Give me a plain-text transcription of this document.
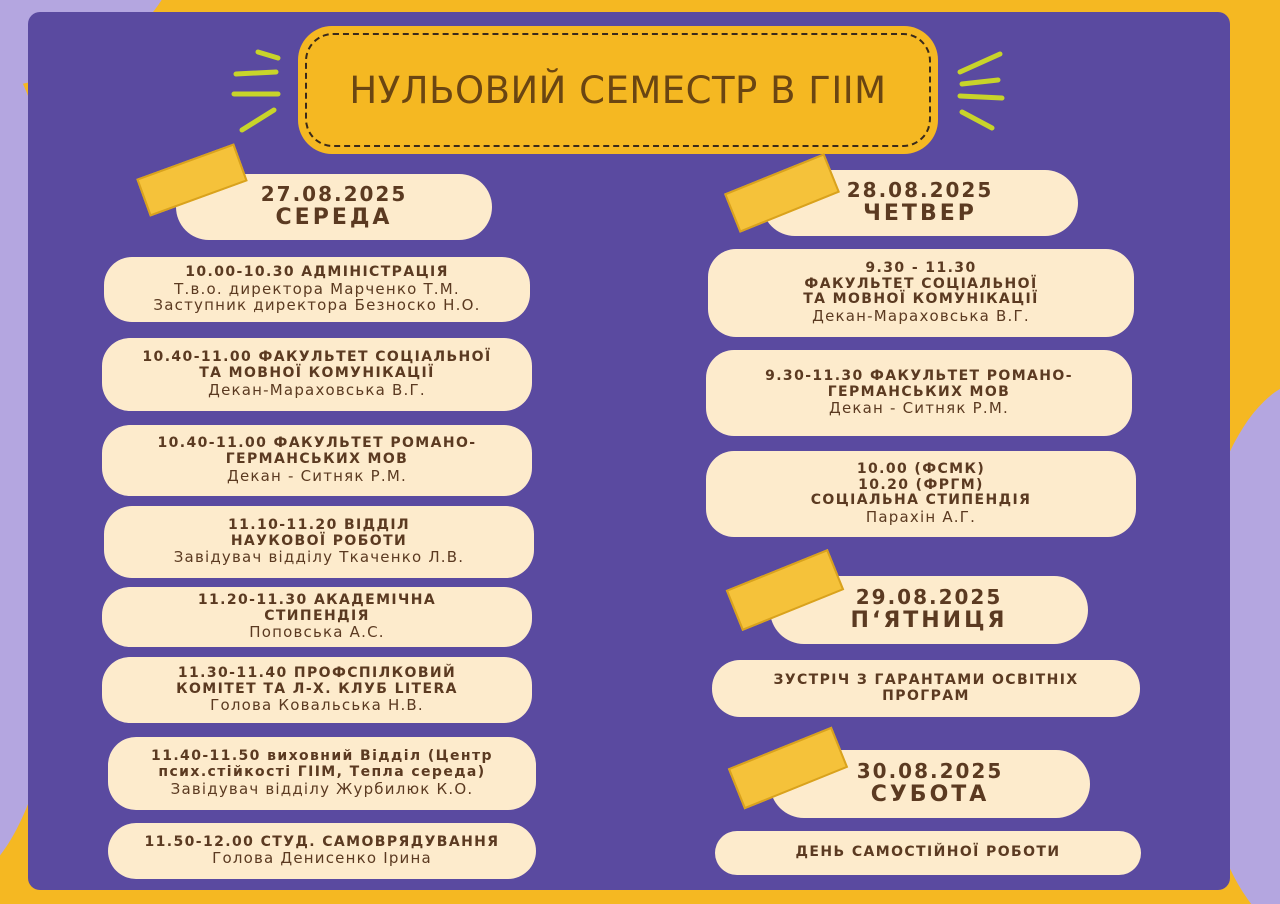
НУЛЬОВИЙ СЕМЕСТР В ГІІМ
27.08.2025
СЕРЕДА
10.00-10.30 АДМІНІСТРАЦІЯ
Т.в.о. директора Марченко Т.М.
Заступник директора Безноско Н.О.
10.40-11.00 ФАКУЛЬТЕТ СОЦІАЛЬНОЇ
ТА МОВНОЇ КОМУНІКАЦІЇ
Декан-Мараховська В.Г.
10.40-11.00 ФАКУЛЬТЕТ РОМАНО-
ГЕРМАНСЬКИХ МОВ
Декан - Ситняк Р.М.
11.10-11.20 ВІДДІЛ
НАУКОВОЇ РОБОТИ
Завідувач відділу Ткаченко Л.В.
11.20-11.30 АКАДЕМІЧНА
СТИПЕНДІЯ
Поповська А.С.
11.30-11.40 ПРОФСПІЛКОВИЙ
КОМІТЕТ ТА Л-Х. КЛУБ LITERA
Голова Ковальська Н.В.
11.40-11.50 виховний Відділ (Центр
псих.стійкості ГІІМ, Тепла середа)
Завідувач відділу Журбилюк К.О.
11.50-12.00 СТУД. САМОВРЯДУВАННЯ
Голова Денисенко Ірина
28.08.2025
ЧЕТВЕР
9.30 - 11.30
ФАКУЛЬТЕТ СОЦІАЛЬНОЇ
ТА МОВНОЇ КОМУНІКАЦІЇ
Декан-Мараховська В.Г.
9.30-11.30 ФАКУЛЬТЕТ РОМАНО-
ГЕРМАНСЬКИХ МОВ
Декан - Ситняк Р.М.
10.00 (ФСМК)
10.20 (ФРГМ)
СОЦІАЛЬНА СТИПЕНДІЯ
Парахін А.Г.
29.08.2025
П‘ЯТНИЦЯ
ЗУСТРІЧ З ГАРАНТАМИ ОСВІТНІХ
ПРОГРАМ
30.08.2025
СУБОТА
ДЕНЬ САМОСТІЙНОЇ РОБОТИ
